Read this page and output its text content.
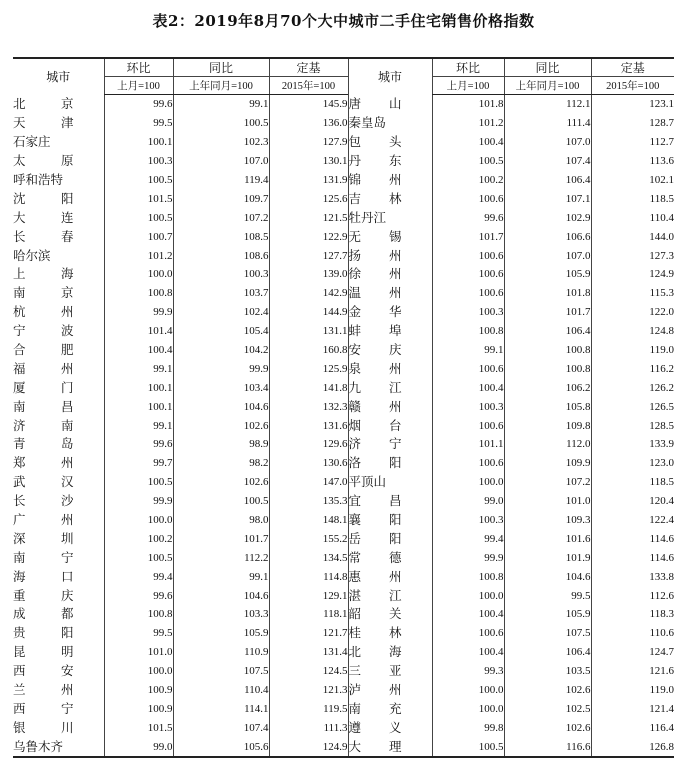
表2：2019年8月70个大中城市二手住宅销售价格指数
城市	环比	同比	定基	城市	环比	同比	定基
	上月=100	上年同月=100	2015年=100		上月=100	上年同月=100	2015年=100
北京	99.6	99.1	145.9	唐山	101.8	112.1	123.1
天津	99.5	100.5	136.0	秦皇岛	101.2	111.4	128.7
石家庄	100.1	102.3	127.9	包头	100.4	107.0	112.7
太原	100.3	107.0	130.1	丹东	100.5	107.4	113.6
呼和浩特	100.5	119.4	131.9	锦州	100.2	106.4	102.1
沈阳	101.5	109.7	125.6	吉林	100.6	107.1	118.5
大连	100.5	107.2	121.5	牡丹江	99.6	102.9	110.4
长春	100.7	108.5	122.9	无锡	101.7	106.6	144.0
哈尔滨	101.2	108.6	127.7	扬州	100.6	107.0	127.3
上海	100.0	100.3	139.0	徐州	100.6	105.9	124.9
南京	100.8	103.7	142.9	温州	100.6	101.8	115.3
杭州	99.9	102.4	144.9	金华	100.3	101.7	122.0
宁波	101.4	105.4	131.1	蚌埠	100.8	106.4	124.8
合肥	100.4	104.2	160.8	安庆	99.1	100.8	119.0
福州	99.1	99.9	125.9	泉州	100.6	100.8	116.2
厦门	100.1	103.4	141.8	九江	100.4	106.2	126.2
南昌	100.1	104.6	132.3	赣州	100.3	105.8	126.5
济南	99.1	102.6	131.6	烟台	100.6	109.8	128.5
青岛	99.6	98.9	129.6	济宁	101.1	112.0	133.9
郑州	99.7	98.2	130.6	洛阳	100.6	109.9	123.0
武汉	100.5	102.6	147.0	平顶山	100.0	107.2	118.5
长沙	99.9	100.5	135.3	宜昌	99.0	101.0	120.4
广州	100.0	98.0	148.1	襄阳	100.3	109.3	122.4
深圳	100.2	101.7	155.2	岳阳	99.4	101.6	114.6
南宁	100.5	112.2	134.5	常德	99.9	101.9	114.6
海口	99.4	99.1	114.8	惠州	100.8	104.6	133.8
重庆	99.6	104.6	129.1	湛江	100.0	99.5	112.6
成都	100.8	103.3	118.1	韶关	100.4	105.9	118.3
贵阳	99.5	105.9	121.7	桂林	100.6	107.5	110.6
昆明	101.0	110.9	131.4	北海	100.4	106.4	124.7
西安	100.0	107.5	124.5	三亚	99.3	103.5	121.6
兰州	100.9	110.4	121.3	泸州	100.0	102.6	119.0
西宁	100.9	114.1	119.5	南充	100.0	102.5	121.4
银川	101.5	107.4	111.3	遵义	99.8	102.6	116.4
乌鲁木齐	99.0	105.6	124.9	大理	100.5	116.6	126.8
